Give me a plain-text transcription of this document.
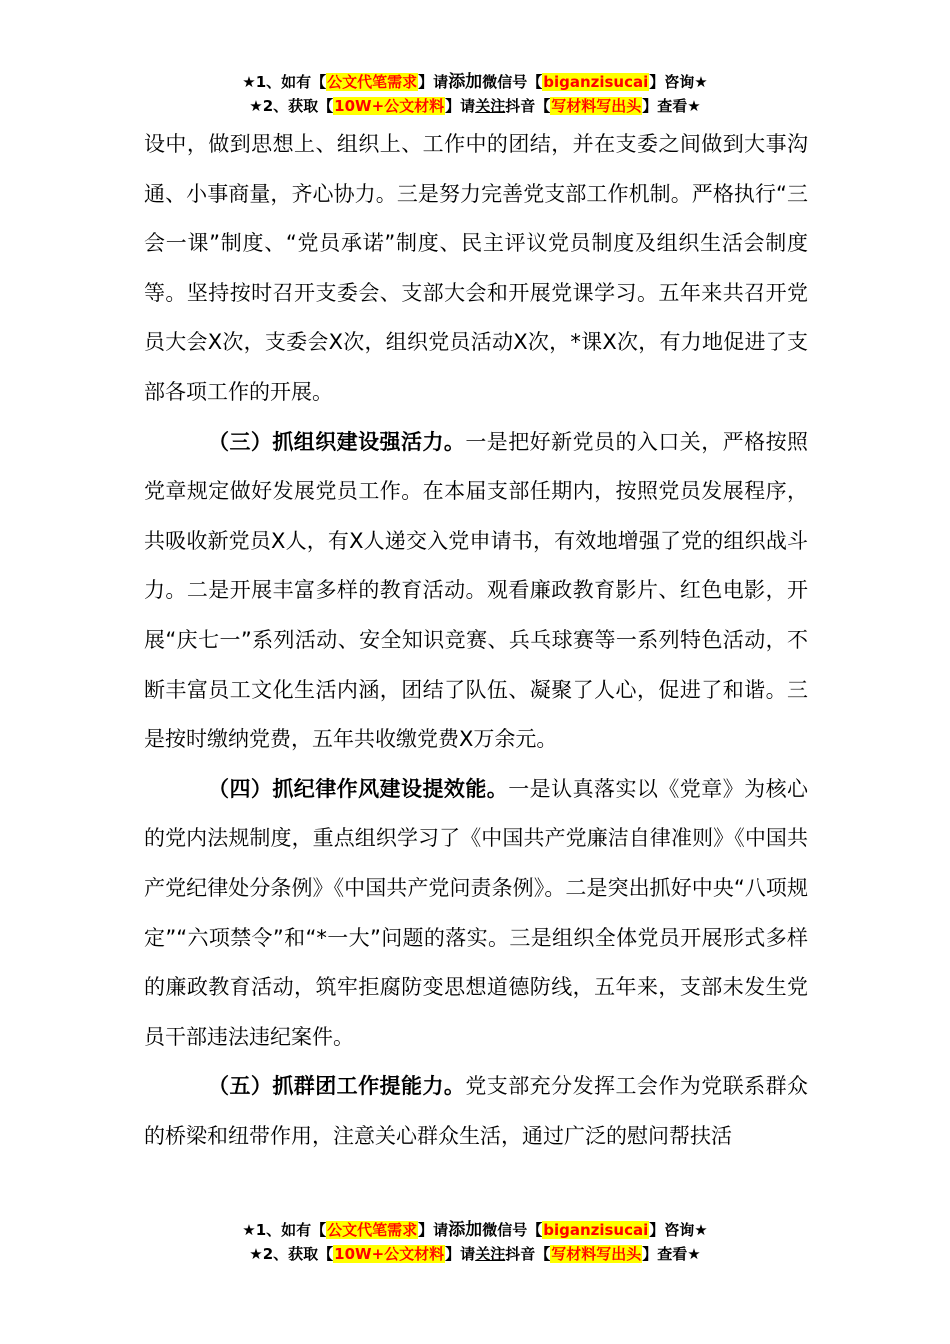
★1、如有【公文代笔需求】请添加微信号【biganzisucai】咨询★
★2、获取【10W+公文材料】请关注抖音【写材料写出头】查看★

设中，做到思想上、组织上、工作中的团结，并在支委之间做到大事沟通、小事商量，齐心协力。三是努力完善党支部工作机制。严格执行“三会一课”制度、“党员承诺”制度、民主评议党员制度及组织生活会制度等。坚持按时召开支委会、支部大会和开展党课学习。五年来共召开党员大会X次，支委会X次，组织党员活动X次，*课X次，有力地促进了支部各项工作的开展。

（三）抓组织建设强活力。一是把好新党员的入口关，严格按照党章规定做好发展党员工作。在本届支部任期内，按照党员发展程序，共吸收新党员X人，有X人递交入党申请书，有效地增强了党的组织战斗力。二是开展丰富多样的教育活动。观看廉政教育影片、红色电影，开展“庆七一”系列活动、安全知识竞赛、兵乓球赛等一系列特色活动，不断丰富员工文化生活内涵，团结了队伍、凝聚了人心，促进了和谐。三是按时缴纳党费，五年共收缴党费X万余元。

（四）抓纪律作风建设提效能。一是认真落实以《党章》为核心的党内法规制度，重点组织学习了《中国共产党廉洁自律准则》《中国共产党纪律处分条例》《中国共产党问责条例》。二是突出抓好中央“八项规定”“六项禁令”和“*一大”问题的落实。三是组织全体党员开展形式多样的廉政教育活动，筑牢拒腐防变思想道德防线，五年来，支部未发生党员干部违法违纪案件。

（五）抓群团工作提能力。党支部充分发挥工会作为党联系群众的桥梁和纽带作用，注意关心群众生活，通过广泛的慰问帮扶活

★1、如有【公文代笔需求】请添加微信号【biganzisucai】咨询★
★2、获取【10W+公文材料】请关注抖音【写材料写出头】查看★
